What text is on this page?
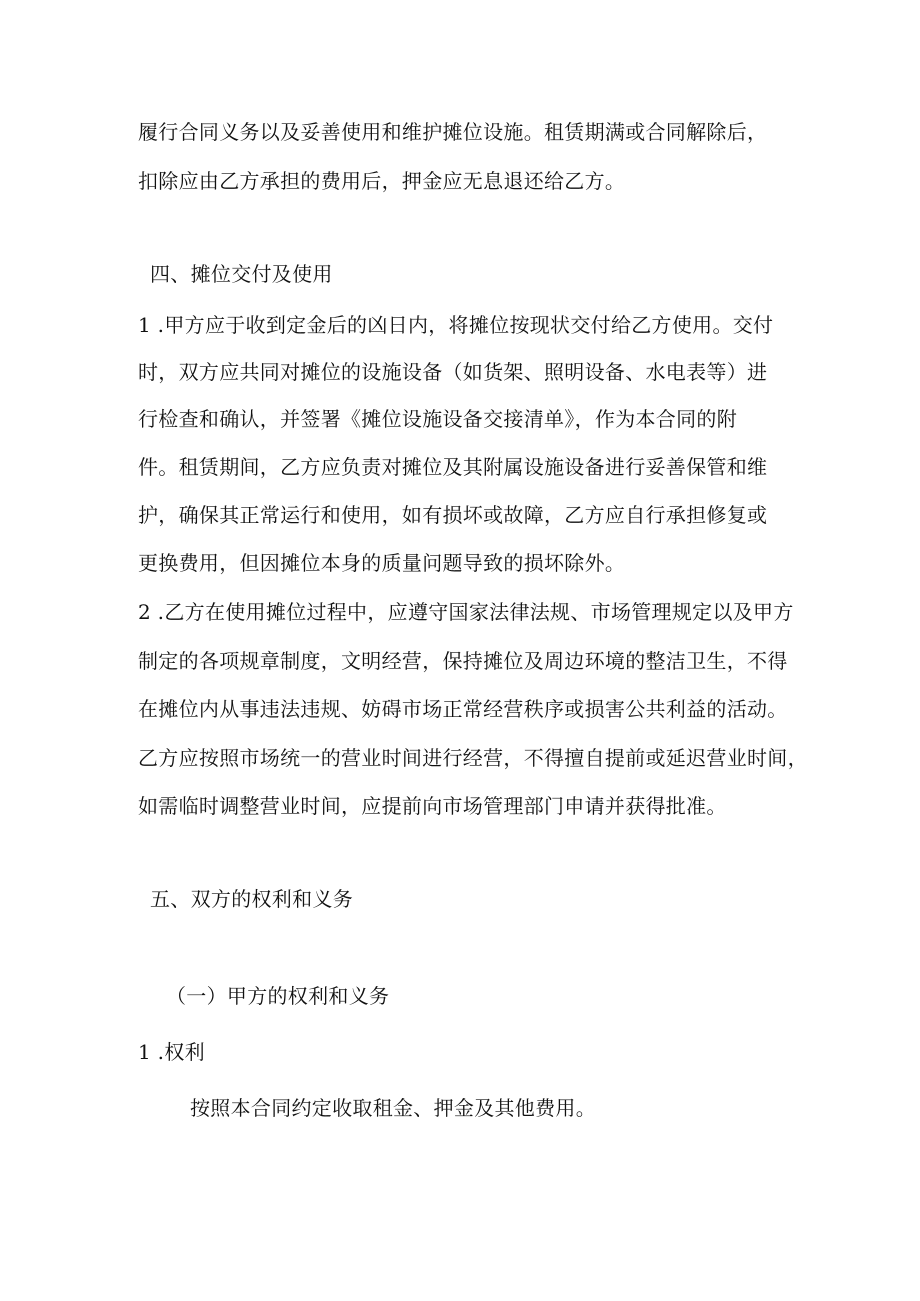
履行合同义务以及妥善使用和维护摊位设施。租赁期满或合同解除后，
扣除应由乙方承担的费用后，押金应无息退还给乙方。
四、摊位交付及使用
1 .甲方应于收到定金后的凶日内，将摊位按现状交付给乙方使用。交付
时，双方应共同对摊位的设施设备（如货架、照明设备、水电表等）进
行检查和确认，并签署《摊位设施设备交接清单》，作为本合同的附
件。租赁期间，乙方应负责对摊位及其附属设施设备进行妥善保管和维
护，确保其正常运行和使用，如有损坏或故障，乙方应自行承担修复或
更换费用，但因摊位本身的质量问题导致的损坏除外。
2 .乙方在使用摊位过程中，应遵守国家法律法规、市场管理规定以及甲方
制定的各项规章制度，文明经营，保持摊位及周边环境的整洁卫生，不得
在摊位内从事违法违规、妨碍市场正常经营秩序或损害公共利益的活动。
乙方应按照市场统一的营业时间进行经营，不得擅自提前或延迟营业时间，
如需临时调整营业时间，应提前向市场管理部门申请并获得批准。
五、双方的权利和义务
（一）甲方的权利和义务
1 .权利
按照本合同约定收取租金、押金及其他费用。
